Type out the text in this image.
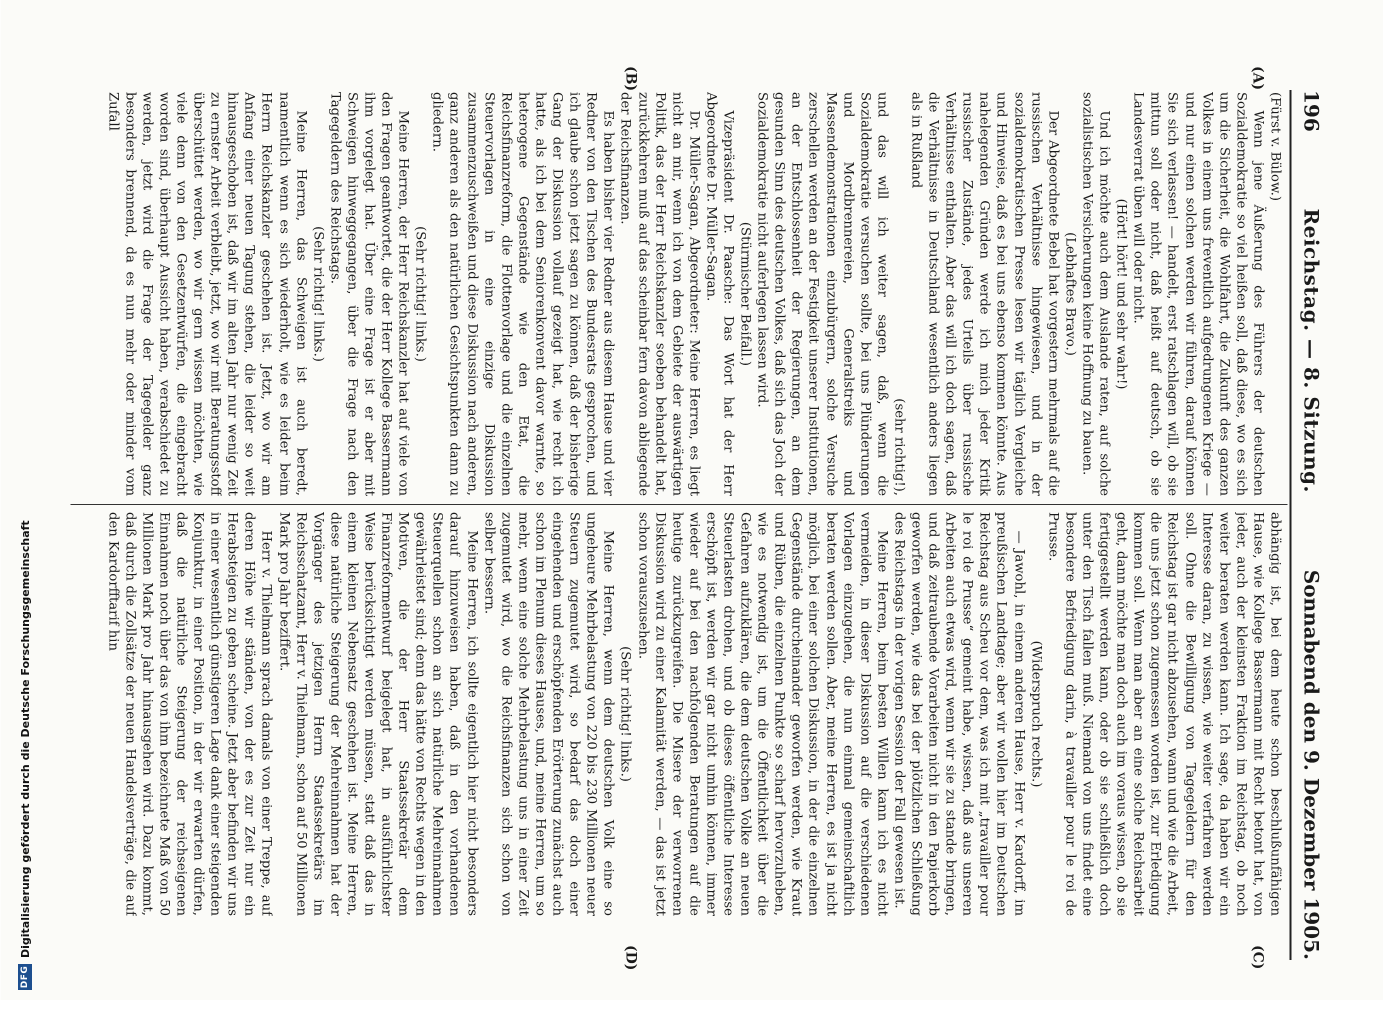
196
Reichstag. — 8. Sitzung.
Sonnabend den 9. Dezember 1905.
(A)
(B)
(C)
(D)

(Fürst v. Bülow.)

Wenn jene Äußerung des Führers der deutschen Sozialdemokratie so viel heißen soll, daß diese, wo es sich um die Sicherheit, die Wohlfahrt, die Zukunft des ganzen Volkes in einem uns freventlich aufgedrungenen Kriege — und nur einen solchen werden wir führen, darauf können Sie sich verlassen! — handelt, erst ratschlagen will, ob sie mittun soll oder nicht, daß heißt auf deutsch, ob sie Landesverrat üben will oder nicht.

(Hört! hört! und sehr wahr!)

Und ich möchte auch dem Auslande raten, auf solche sozialistischen Versicherungen keine Hoffnung zu bauen.

(Lebhaftes Bravo.)

Der Abgeordnete Bebel hat vorgestern mehrmals auf die russischen Verhältnisse hingewiesen, und in der sozialdemokratischen Presse lesen wir täglich Vergleiche und Hinweise, daß es bei uns ebenso kommen könnte. Aus nahelegenden Gründen werde ich mich jeder Kritik russischer Zustände, jedes Urteils über russische Verhältnisse enthalten. Aber das will ich doch sagen, daß die Verhältnisse in Deutschland wesentlich anders liegen als in Rußland

(sehr richtig!),

und das will ich weiter sagen, daß, wenn die Sozialdemokratie versuchen sollte, bei uns Plünderungen und Mordbrennereien, Generalstreiks und Massendemonstrationen einzubürgern, solche Versuche zerschellen werden an der Festigkeit unserer Institutionen, an der Entschlossenheit der Regierungen, an dem gesunden Sinn des deutschen Volkes, daß sich das Joch der Sozialdemokratie nicht auferlegen lassen wird.

(Stürmischer Beifall.)

Vizepräsident Dr. Paasche: Das Wort hat der Herr Abgeordnete Dr. Müller-Sagan.

Dr. Müller-Sagan, Abgeordneter: Meine Herren, es liegt nicht an mir, wenn ich von dem Gebiete der auswärtigen Politik, das der Herr Reichskanzler soeben behandelt hat, zurückkehren muß auf das scheinbar fern davon abliegende der Reichsfinanzen.

Es haben bisher vier Redner aus diesem Hause und vier Redner von den Tischen des Bundesrats gesprochen, und ich glaube schon jetzt sagen zu können, daß der bisherige Gang der Diskussion vollauf gezeigt hat, wie recht ich hatte, als ich bei dem Seniorenkonvent davor warnte, so heterogene Gegenstände wie den Etat, die Reichsfinanzreform, die Flottenvorlage und die einzelnen Steuervorlagen in eine einzige Diskussion zusammenzuschweißen und diese Diskussion nach anderen, ganz anderen als den natürlichen Gesichtspunkten dann zu gliedern.

(Sehr richtig! links.)

Meine Herren, der Herr Reichskanzler hat auf viele von den Fragen geantwortet, die der Herr Kollege Bassermann ihm vorgelegt hat. Über eine Frage ist er aber mit Schweigen hinweggegangen, über die Frage nach den Tagegeldern des Reichstags.

(Sehr richtig! links.)

Meine Herren, das Schweigen ist auch beredt, namentlich wenn es sich wiederholt, wie es leider beim Herrn Reichskanzler geschehen ist. Jetzt, wo wir am Anfang einer neuen Tagung stehen, die leider so weit hinausgeschoben ist, daß wir im alten Jahr nur wenig Zeit zu ernster Arbeit verbleibt, jetzt, wo wir mit Beratungsstoff überschüttet werden, wo wir gern wissen möchten, wie viele denn von den Gesetzentwürfen, die eingebracht worden sind, überhaupt Aussicht haben, verabschiedet zu werden, jetzt wird die Frage der Tagegelder ganz besonders brennend, da es nun mehr oder minder vom Zufall

abhängig ist, bei dem heute schon beschlußunfähigen Hause, wie Kollege Bassermann mit Recht betont hat, von jeder, auch der kleinsten Fraktion im Reichstag, ob noch weiter beraten werden kann. Ich sage, da haben wir ein Interesse daran, zu wissen, wie weiter verfahren werden soll. Ohne die Bewilligung von Tagegeldern für den Reichstag ist gar nicht abzusehen, wann und wie die Arbeit, die uns jetzt schon zugemessen worden ist, zur Erledigung kommen soll. Wenn man aber an eine solche Reichsarbeit geht, dann möchte man doch auch im voraus wissen, ob sie fertiggestellt werden kann, oder ob sie schließlich doch unter den Tisch fallen muß. Niemand von uns findet eine besondere Befriedigung darin, à travailler pour le roi de Prusse.

(Widerspruch rechts.)

— Jawohl, in einem anderen Hause, Herr v. Kardorff, im preußischen Landtage; aber wir wollen hier im Deutschen Reichstag aus Scheu vor dem, was ich mit „travailler pour le roi de Prusse“ gemeint habe, wissen, daß aus unseren Arbeiten auch etwas wird, wenn wir sie zu stande bringen, und daß zeitraubende Vorarbeiten nicht in den Papierkorb geworfen werden, wie das bei der plötzlichen Schließung des Reichstags in der vorigen Session der Fall gewesen ist.

Meine Herren, beim besten Willen kann ich es nicht vermeiden, in dieser Diskussion auf die verschiedenen Vorlagen einzugehen, die nun einmal gemeinschaftlich beraten werden sollen. Aber, meine Herren, es ist ja nicht möglich, bei einer solchen Diskussion, in der die einzelnen Gegenstände durcheinander geworfen werden, wie Kraut und Rüben, die einzelnen Punkte so scharf hervorzuheben, wie es notwendig ist, um die Öffentlichkeit über die Gefahren aufzuklären, die dem deutschen Volke an neuen Steuerlasten drohen, und ob dieses öffentliche Interesse erschöpft ist, werden wir gar nicht umhin können, immer wieder auf bei den nachfolgenden Beratungen auf die heutige zurückzugreifen. Die Misere der verworrenen Diskussion wird zu einer Kalamität werden, — das ist jetzt schon vorauszusehen.

(Sehr richtig! links.)

Meine Herren, wenn dem deutschen Volk eine so ungeheure Mehrbelastung von 220 bis 230 Millionen neuer Steuern zugemutet wird, so bedarf das doch einer eingehenden und erschöpfenden Erörterung zunächst auch schon im Plenum dieses Hauses, und, meine Herren, um so mehr, wenn eine solche Mehrbelastung uns in einer Zeit zugemutet wird, wo die Reichsfinanzen sich schon von selber bessern.

Meine Herren, ich sollte eigentlich hier nicht besonders darauf hinzuweisen haben, daß in den vorhandenen Steuerquellen schon an sich natürliche Mehreinnahmen gewährleistet sind; denn das hätte von Rechts wegen in den Motiven, die der Herr Staatssekretär dem Finanzreformentwurf beigelegt hat, in ausführlichster Weise berücksichtigt werden müssen, statt daß das in einem kleinen Nebensatz geschehen ist. Meine Herren, diese natürliche Steigerung der Mehreinnahmen hat der Vorgänger des jetzigen Herrn Staatssekretärs im Reichsschatzamt, Herr v. Thielmann, schon auf 50 Millionen Mark pro Jahr beziffert.

Herr v. Thielmann sprach damals von einer Treppe, auf deren Höhe wir ständen, von der es zur Zeit nur ein Herabsteigen zu geben scheine. Jetzt aber befinden wir uns in einer wesentlich günstigeren Lage dank einer steigenden Konjunktur, in einer Position, in der wir erwarten dürfen, daß die natürliche Steigerung der reichseigenen Einnahmen noch über das von ihm bezeichnete Maß von 50 Millionen Mark pro Jahr hinausgehen wird. Dazu kommt, daß durch die Zollsätze der neuen Handelsverträge, die auf den Kardorfftarif hin

DFG
Digitalisierung gefördert durch die Deutsche Forschungsgemeinschaft
